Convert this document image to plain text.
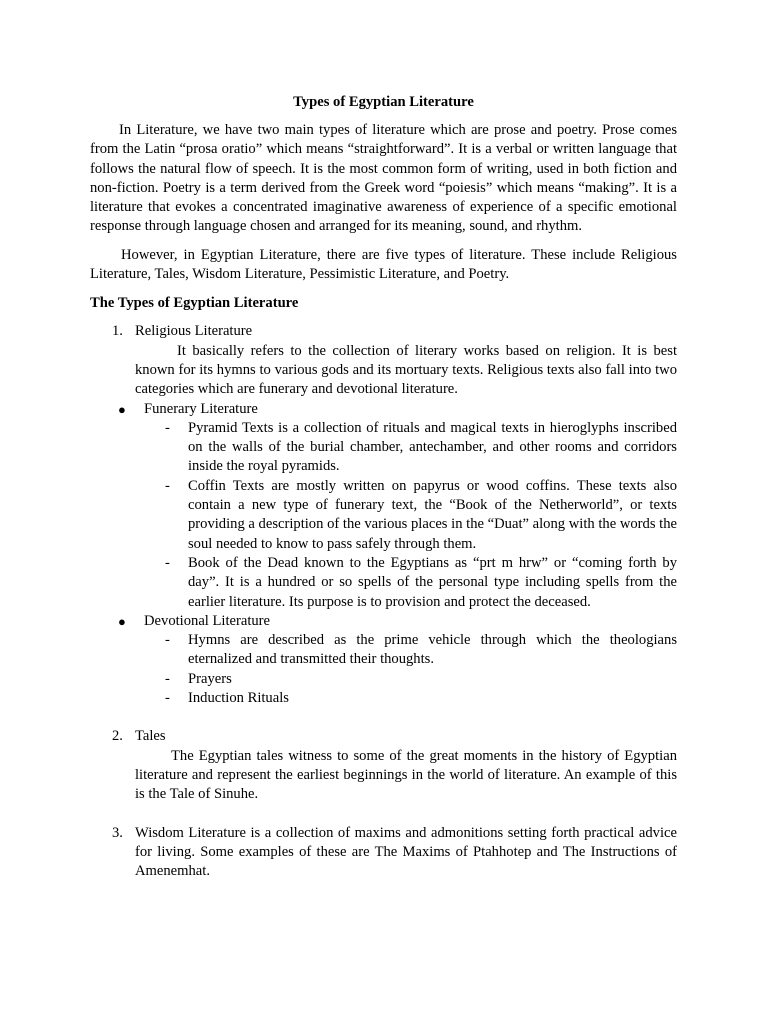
Types of Egyptian Literature

In Literature, we have two main types of literature which are prose and poetry. Prose comes from the Latin “prosa oratio” which means “straightforward”. It is a verbal or written language that follows the natural flow of speech. It is the most common form of writing, used in both fiction and non-fiction. Poetry is a term derived from the Greek word “poiesis” which means “making”. It is a literature that evokes a concentrated imaginative awareness of experience of a specific emotional response through language chosen and arranged for its meaning, sound, and rhythm.

However, in Egyptian Literature, there are five types of literature. These include Religious Literature, Tales, Wisdom Literature, Pessimistic Literature, and Poetry.

The Types of Egyptian Literature
1. Religious Literature

It basically refers to the collection of literary works based on religion. It is best known for its hymns to various gods and its mortuary texts. Religious texts also fall into two categories which are funerary and devotional literature.

● Funerary Literature
- Pyramid Texts is a collection of rituals and magical texts in hieroglyphs inscribed on the walls of the burial chamber, antechamber, and other rooms and corridors inside the royal pyramids.
- Coffin Texts are mostly written on papyrus or wood coffins. These texts also contain a new type of funerary text, the “Book of the Netherworld”, or texts providing a description of the various places in the “Duat” along with the words the soul needed to know to pass safely through them.
- Book of the Dead known to the Egyptians as “prt m hrw” or “coming forth by day”. It is a hundred or so spells of the personal type including spells from the earlier literature. Its purpose is to provision and protect the deceased.
● Devotional Literature
- Hymns are described as the prime vehicle through which the theologians eternalized and transmitted their thoughts.
- Prayers
- Induction Rituals
2. Tales

The Egyptian tales witness to some of the great moments in the history of Egyptian literature and represent the earliest beginnings in the world of literature. An example of this is the Tale of Sinuhe.

3. Wisdom Literature is a collection of maxims and admonitions setting forth practical advice for living. Some examples of these are The Maxims of Ptahhotep and The Instructions of Amenemhat.
